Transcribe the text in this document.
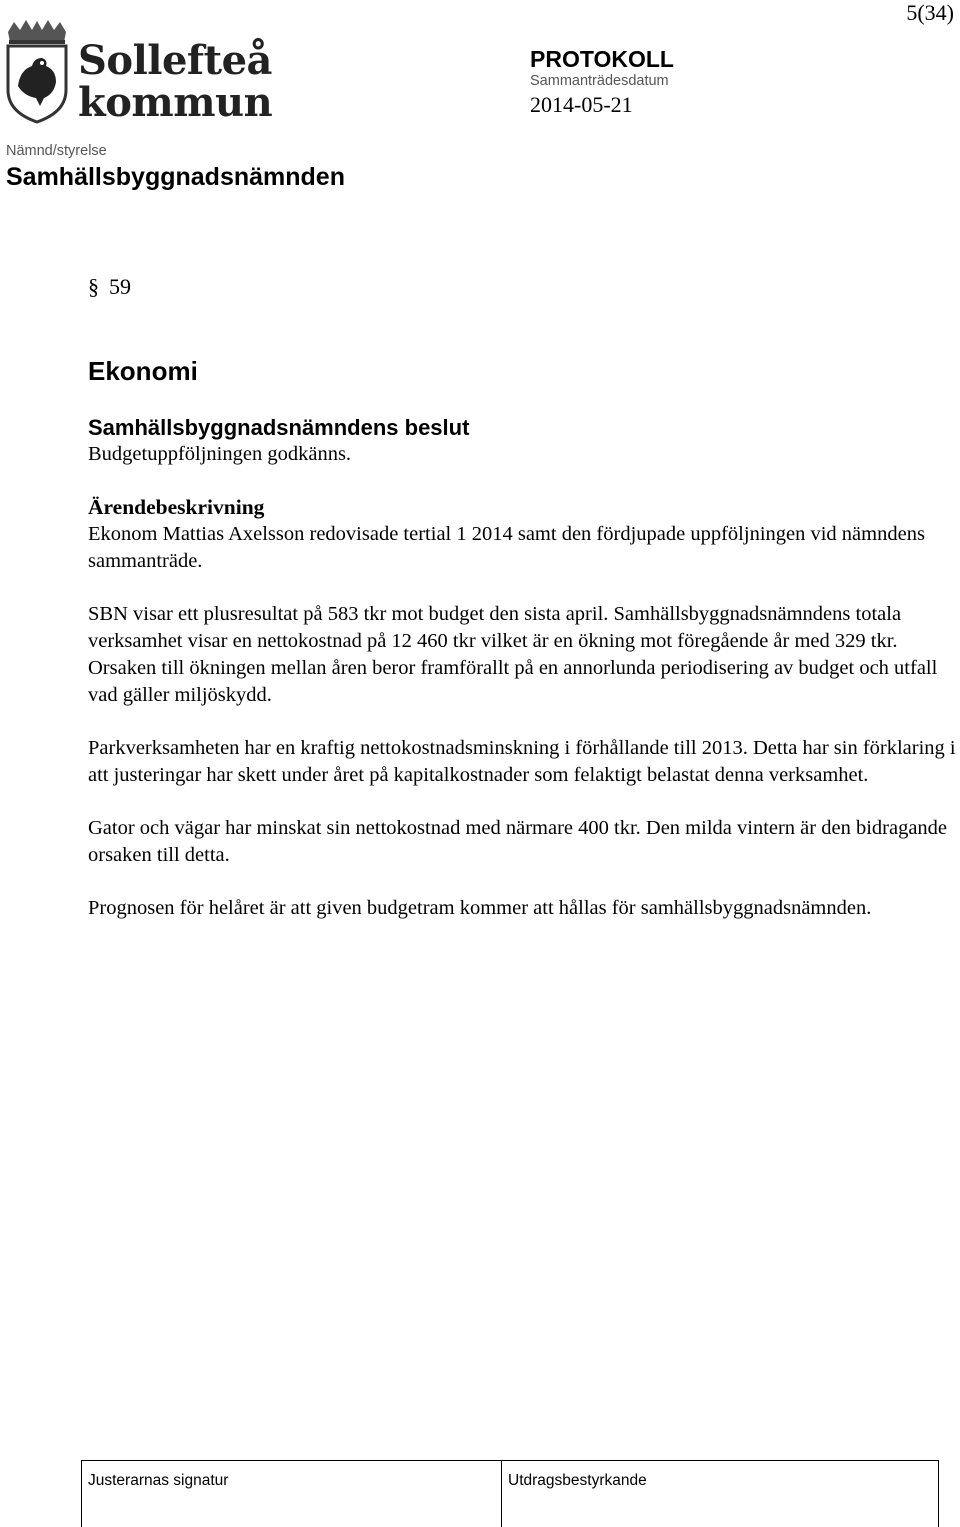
5(34)
Sollefteå
kommun
PROTOKOLL
Sammanträdesdatum
2014-05-21
Nämnd/styrelse
Samhällsbyggnadsnämnden
§ 59
Ekonomi

Samhällsbyggnadsnämndens beslut
Budgetuppföljningen godkänns.

Ärendebeskrivning
Ekonom Mattias Axelsson redovisade tertial 1 2014 samt den fördjupade uppföljningen vid nämndens sammanträde.

SBN visar ett plusresultat på 583 tkr mot budget den sista april. Samhällsbyggnadsnämndens totala verksamhet visar en nettokostnad på 12 460 tkr vilket är en ökning mot föregående år med 329 tkr. Orsaken till ökningen mellan åren beror framförallt på en annorlunda periodisering av budget och utfall vad gäller miljöskydd.

Parkverksamheten har en kraftig nettokostnadsminskning i förhållande till 2013. Detta har sin förklaring i att justeringar har skett under året på kapitalkostnader som felaktigt belastat denna verksamhet.

Gator och vägar har minskat sin nettokostnad med närmare 400 tkr. Den milda vintern är den bidragande orsaken till detta.

Prognosen för helåret är att given budgetram kommer att hållas för samhällsbyggnadsnämnden.

Justerarnas signatur	Utdragsbestyrkande
